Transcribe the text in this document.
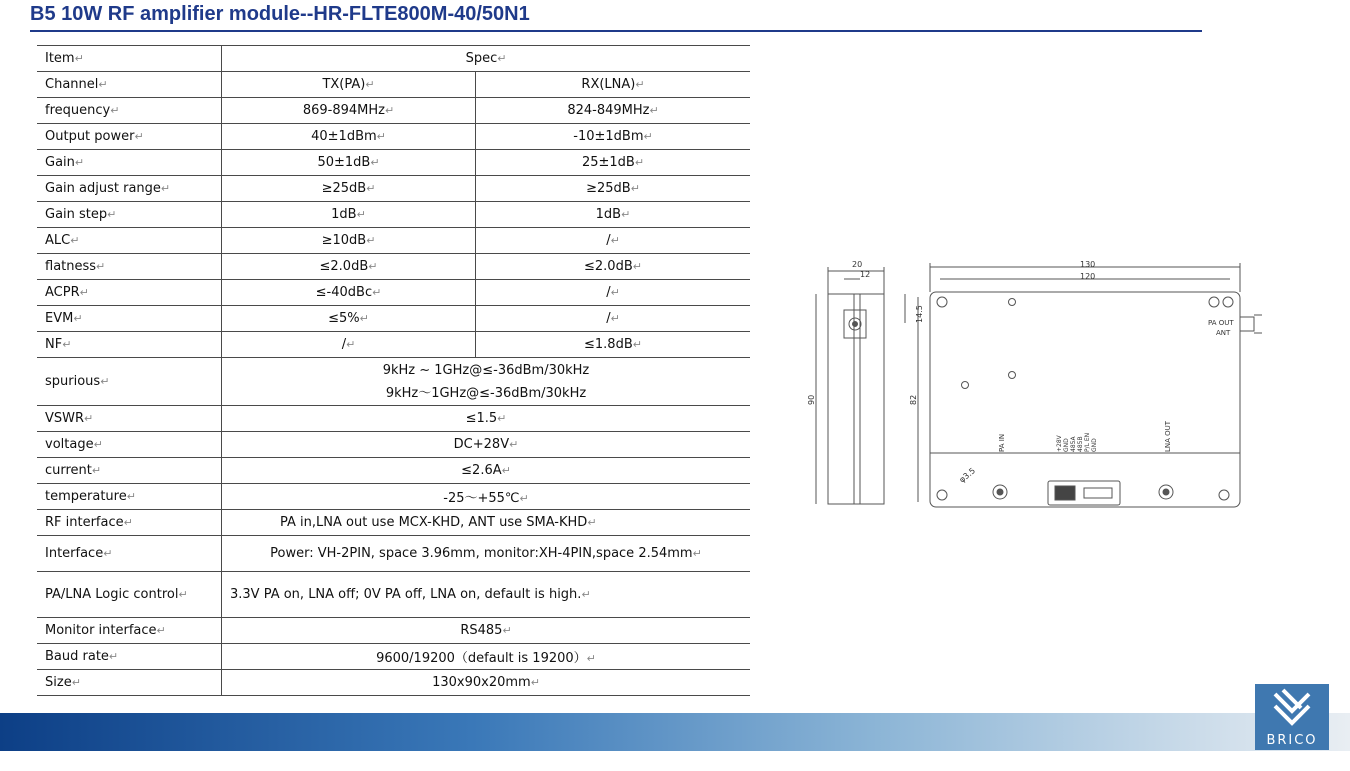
B5 10W RF amplifier module--HR-FLTE800M-40/50N1
Item↵	Spec↵	
Channel↵	TX(PA)↵	RX(LNA)↵
frequency↵	869-894MHz↵	824-849MHz↵
Output power↵	40±1dBm↵	-10±1dBm↵
Gain↵	50±1dB↵	25±1dB↵
Gain adjust range↵	≥25dB↵	≥25dB↵
Gain step↵	1dB↵	1dB↵
ALC↵	≥10dB↵	/↵
flatness↵	≤2.0dB↵	≤2.0dB↵
ACPR↵	≤-40dBc↵	/↵
EVM↵	≤5%↵	/↵
NF↵	/↵	≤1.8dB↵
spurious↵	9kHz ~ 1GHz@≤-36dBm/30kHz
9kHz～1GHz@≤-36dBm/30kHz	

VSWR↵	≤1.5↵	
voltage↵	DC+28V↵	
current↵	≤2.6A↵	
temperature↵	-25～+55℃↵	
RF interface↵	PA in,LNA out use MCX-KHD, ANT use SMA-KHD↵	
Interface↵	Power: VH-2PIN, space 3.96mm, monitor:XH-4PIN,space 2.54mm↵	
PA/LNA Logic control↵	3.3V PA on, LNA off; 0V PA off, LNA on, default is high.↵	
Monitor interface↵	RS485↵	
Baud rate↵	9600/19200（default is 19200）↵	
Size↵	130x90x20mm↵	
20
12
130
120
14.5
90	82
φ3.5
PA OUT
ANT
PA IN	LNA OUT
+28V GND 485A 485B P/L EN GND
BRICO
